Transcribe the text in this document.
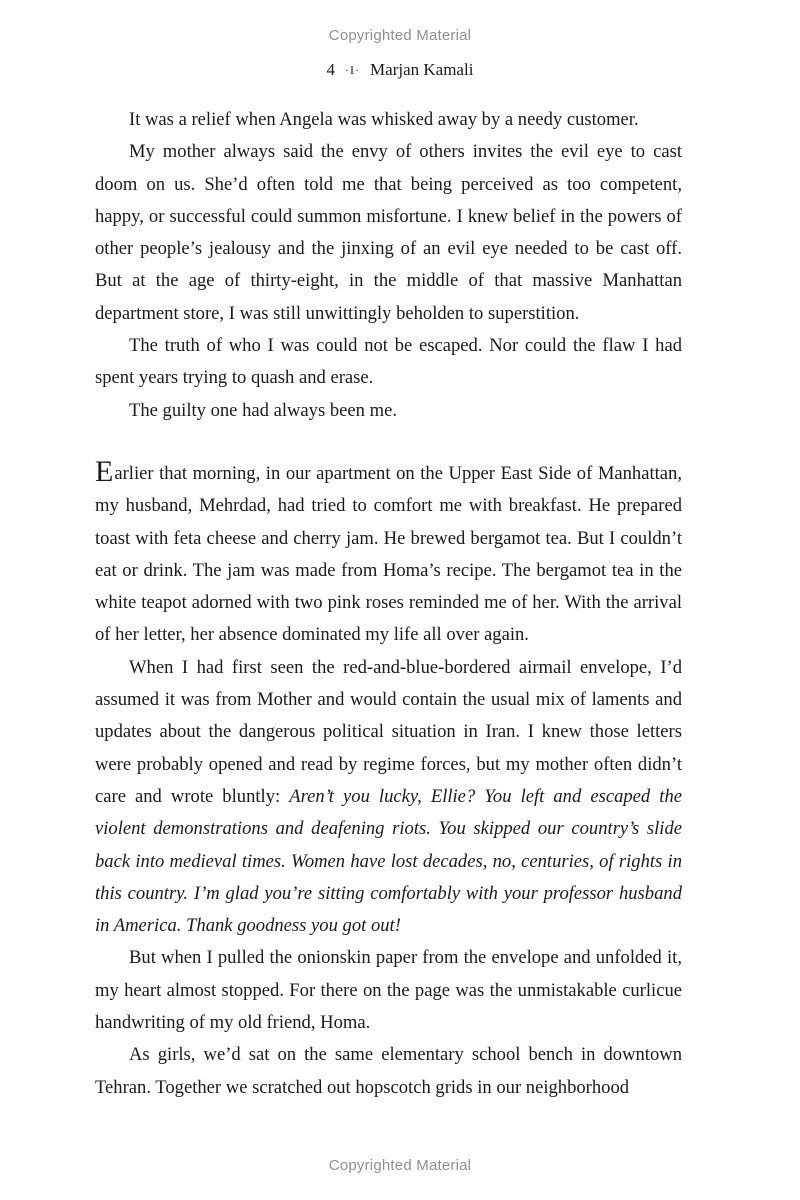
Copyrighted Material
4 ·I· Marjan Kamali

It was a relief when Angela was whisked away by a needy customer.

My mother always said the envy of others invites the evil eye to cast doom on us. She’d often told me that being perceived as too competent, happy, or successful could summon misfortune. I knew belief in the powers of other people’s jealousy and the jinxing of an evil eye needed to be cast off. But at the age of thirty-eight, in the middle of that massive Manhattan department store, I was still unwittingly beholden to superstition.

The truth of who I was could not be escaped. Nor could the flaw I had spent years trying to quash and erase.

The guilty one had always been me.

Earlier that morning, in our apartment on the Upper East Side of Manhattan, my husband, Mehrdad, had tried to comfort me with breakfast. He prepared toast with feta cheese and cherry jam. He brewed bergamot tea. But I couldn’t eat or drink. The jam was made from Homa’s recipe. The bergamot tea in the white teapot adorned with two pink roses reminded me of her. With the arrival of her letter, her absence dominated my life all over again.

When I had first seen the red-and-blue-bordered airmail envelope, I’d assumed it was from Mother and would contain the usual mix of laments and updates about the dangerous political situation in Iran. I knew those letters were probably opened and read by regime forces, but my mother often didn’t care and wrote bluntly: Aren’t you lucky, Ellie? You left and escaped the violent demonstrations and deafening riots. You skipped our country’s slide back into medieval times. Women have lost decades, no, centuries, of rights in this country. I’m glad you’re sitting comfortably with your professor husband in America. Thank goodness you got out!

But when I pulled the onionskin paper from the envelope and unfolded it, my heart almost stopped. For there on the page was the unmistakable curlicue handwriting of my old friend, Homa.

As girls, we’d sat on the same elementary school bench in downtown Tehran. Together we scratched out hopscotch grids in our neighborhood

Copyrighted Material
